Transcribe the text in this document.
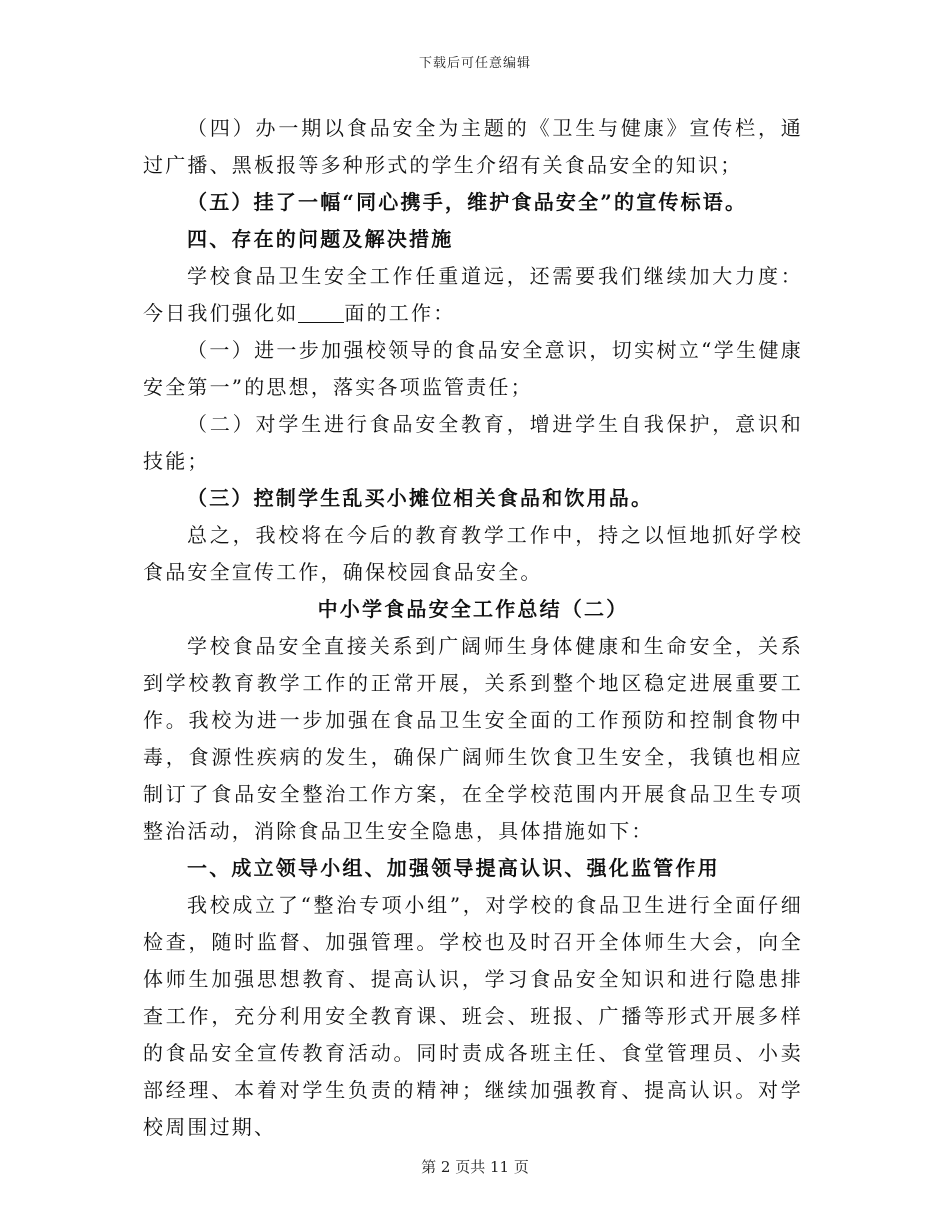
下载后可任意编辑

（四）办一期以食品安全为主题的《卫生与健康》宣传栏，通过广播、黑板报等多种形式的学生介绍有关食品安全的知识；

（五）挂了一幅“同心携手，维护食品安全”的宣传标语。

四、存在的问题及解决措施

学校食品卫生安全工作任重道远，还需要我们继续加大力度：今日我们强化如 面的工作：

（一）进一步加强校领导的食品安全意识，切实树立“学生健康安全第一”的思想，落实各项监管责任；

（二）对学生进行食品安全教育，增进学生自我保护，意识和技能；

（三）控制学生乱买小摊位相关食品和饮用品。

总之，我校将在今后的教育教学工作中，持之以恒地抓好学校食品安全宣传工作，确保校园食品安全。

中小学食品安全工作总结（二）

学校食品安全直接关系到广阔师生身体健康和生命安全，关系到学校教育教学工作的正常开展，关系到整个地区稳定进展重要工作。我校为进一步加强在食品卫生安全面的工作预防和控制食物中毒，食源性疾病的发生，确保广阔师生饮食卫生安全，我镇也相应制订了食品安全整治工作方案，在全学校范围内开展食品卫生专项整治活动，消除食品卫生安全隐患，具体措施如下：

一、成立领导小组、加强领导提高认识、强化监管作用

我校成立了“整治专项小组”，对学校的食品卫生进行全面仔细检查，随时监督、加强管理。学校也及时召开全体师生大会，向全体师生加强思想教育、提高认识，学习食品安全知识和进行隐患排查工作，充分利用安全教育课、班会、班报、广播等形式开展多样的食品安全宣传教育活动。同时责成各班主任、食堂管理员、小卖部经理、本着对学生负责的精神；继续加强教育、提高认识。对学校周围过期、

第 2 页共 11 页
